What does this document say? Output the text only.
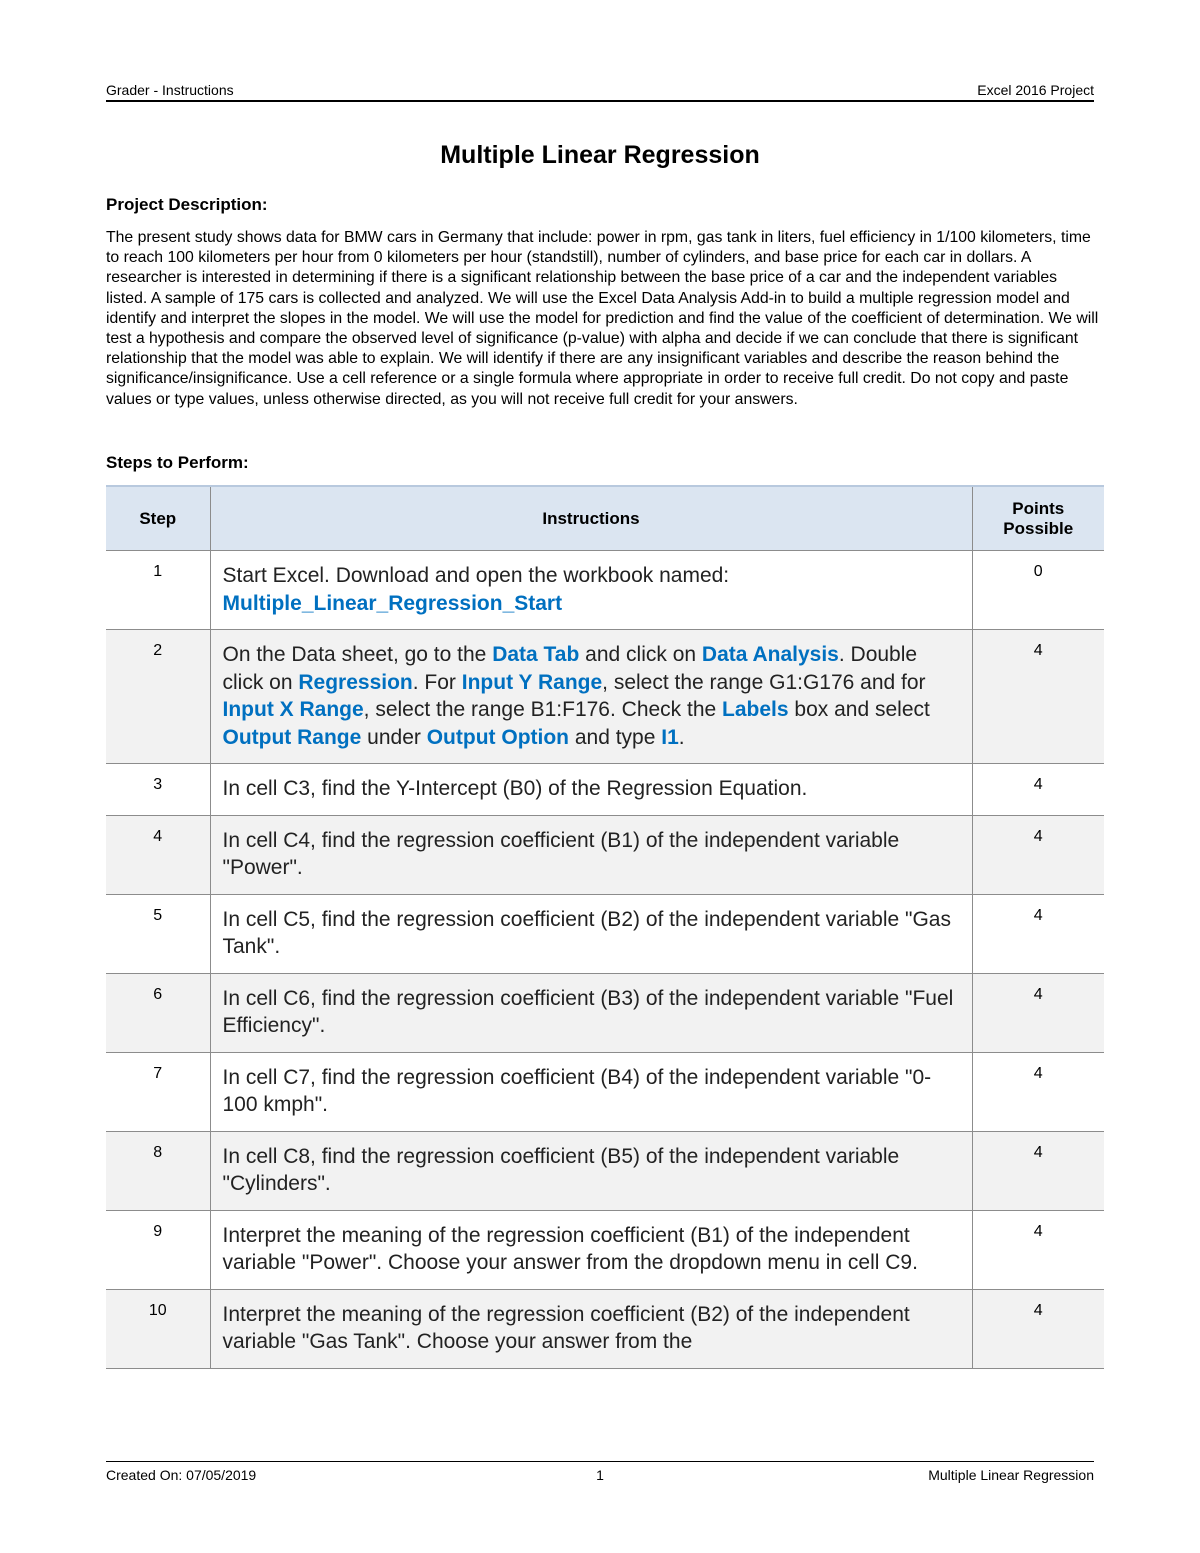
Grader - Instructions	Excel 2016 Project
Multiple Linear Regression
Project Description:
The present study shows data for BMW cars in Germany that include: power in rpm, gas tank in liters, fuel efficiency in 1/100 kilometers, time to reach 100 kilometers per hour from 0 kilometers per hour (standstill), number of cylinders, and base price for each car in dollars. A researcher is interested in determining if there is a significant relationship between the base price of a car and the independent variables listed. A sample of 175 cars is collected and analyzed. We will use the Excel Data Analysis Add-in to build a multiple regression model and identify and interpret the slopes in the model. We will use the model for prediction and find the value of the coefficient of determination. We will test a hypothesis and compare the observed level of significance (p-value) with alpha and decide if we can conclude that there is significant relationship that the model was able to explain. We will identify if there are any insignificant variables and describe the reason behind the significance/insignificance. Use a cell reference or a single formula where appropriate in order to receive full credit. Do not copy and paste values or type values, unless otherwise directed, as you will not receive full credit for your answers.
Steps to Perform:
Step	Instructions	Points
Possible
1	Start Excel. Download and open the workbook named: Multiple_Linear_Regression_Start	0
2	On the Data sheet, go to the Data Tab and click on Data Analysis. Double click on Regression. For Input Y Range, select the range G1:G176 and for Input X Range, select the range B1:F176. Check the Labels box and select Output Range under Output Option and type I1.	4
3	In cell C3, find the Y-Intercept (B0) of the Regression Equation.	4
4	In cell C4, find the regression coefficient (B1) of the independent variable "Power".	4
5	In cell C5, find the regression coefficient (B2) of the independent variable "Gas Tank".	4
6	In cell C6, find the regression coefficient (B3) of the independent variable "Fuel Efficiency".	4
7	In cell C7, find the regression coefficient (B4) of the independent variable "0-100 kmph".	4
8	In cell C8, find the regression coefficient (B5) of the independent variable "Cylinders".	4
9	Interpret the meaning of the regression coefficient (B1) of the independent variable "Power". Choose your answer from the dropdown menu in cell C9.	4
10	Interpret the meaning of the regression coefficient (B2) of the independent variable "Gas Tank". Choose your answer from the	4
Created On: 07/05/2019	1	Multiple Linear Regression
